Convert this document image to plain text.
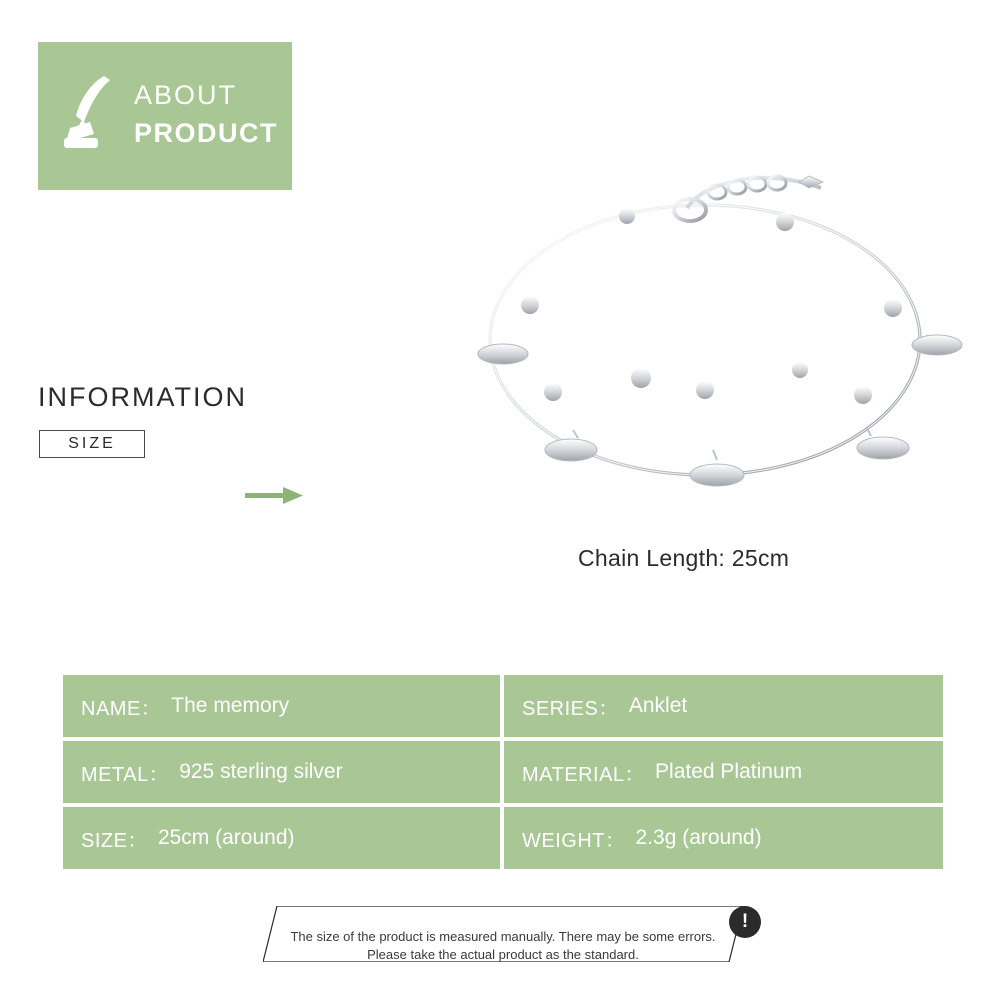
ABOUT
PRODUCT
INFORMATION
SIZE
Chain Length: 25cm
NAME： The memory	SERIES： Anklet
METAL： 925 sterling silver	MATERIAL： Plated Platinum
SIZE： 25cm (around)	WEIGHT： 2.3g (around)
The size of the product is measured manually. There may be some errors.
Please take the actual product as the standard.
!
